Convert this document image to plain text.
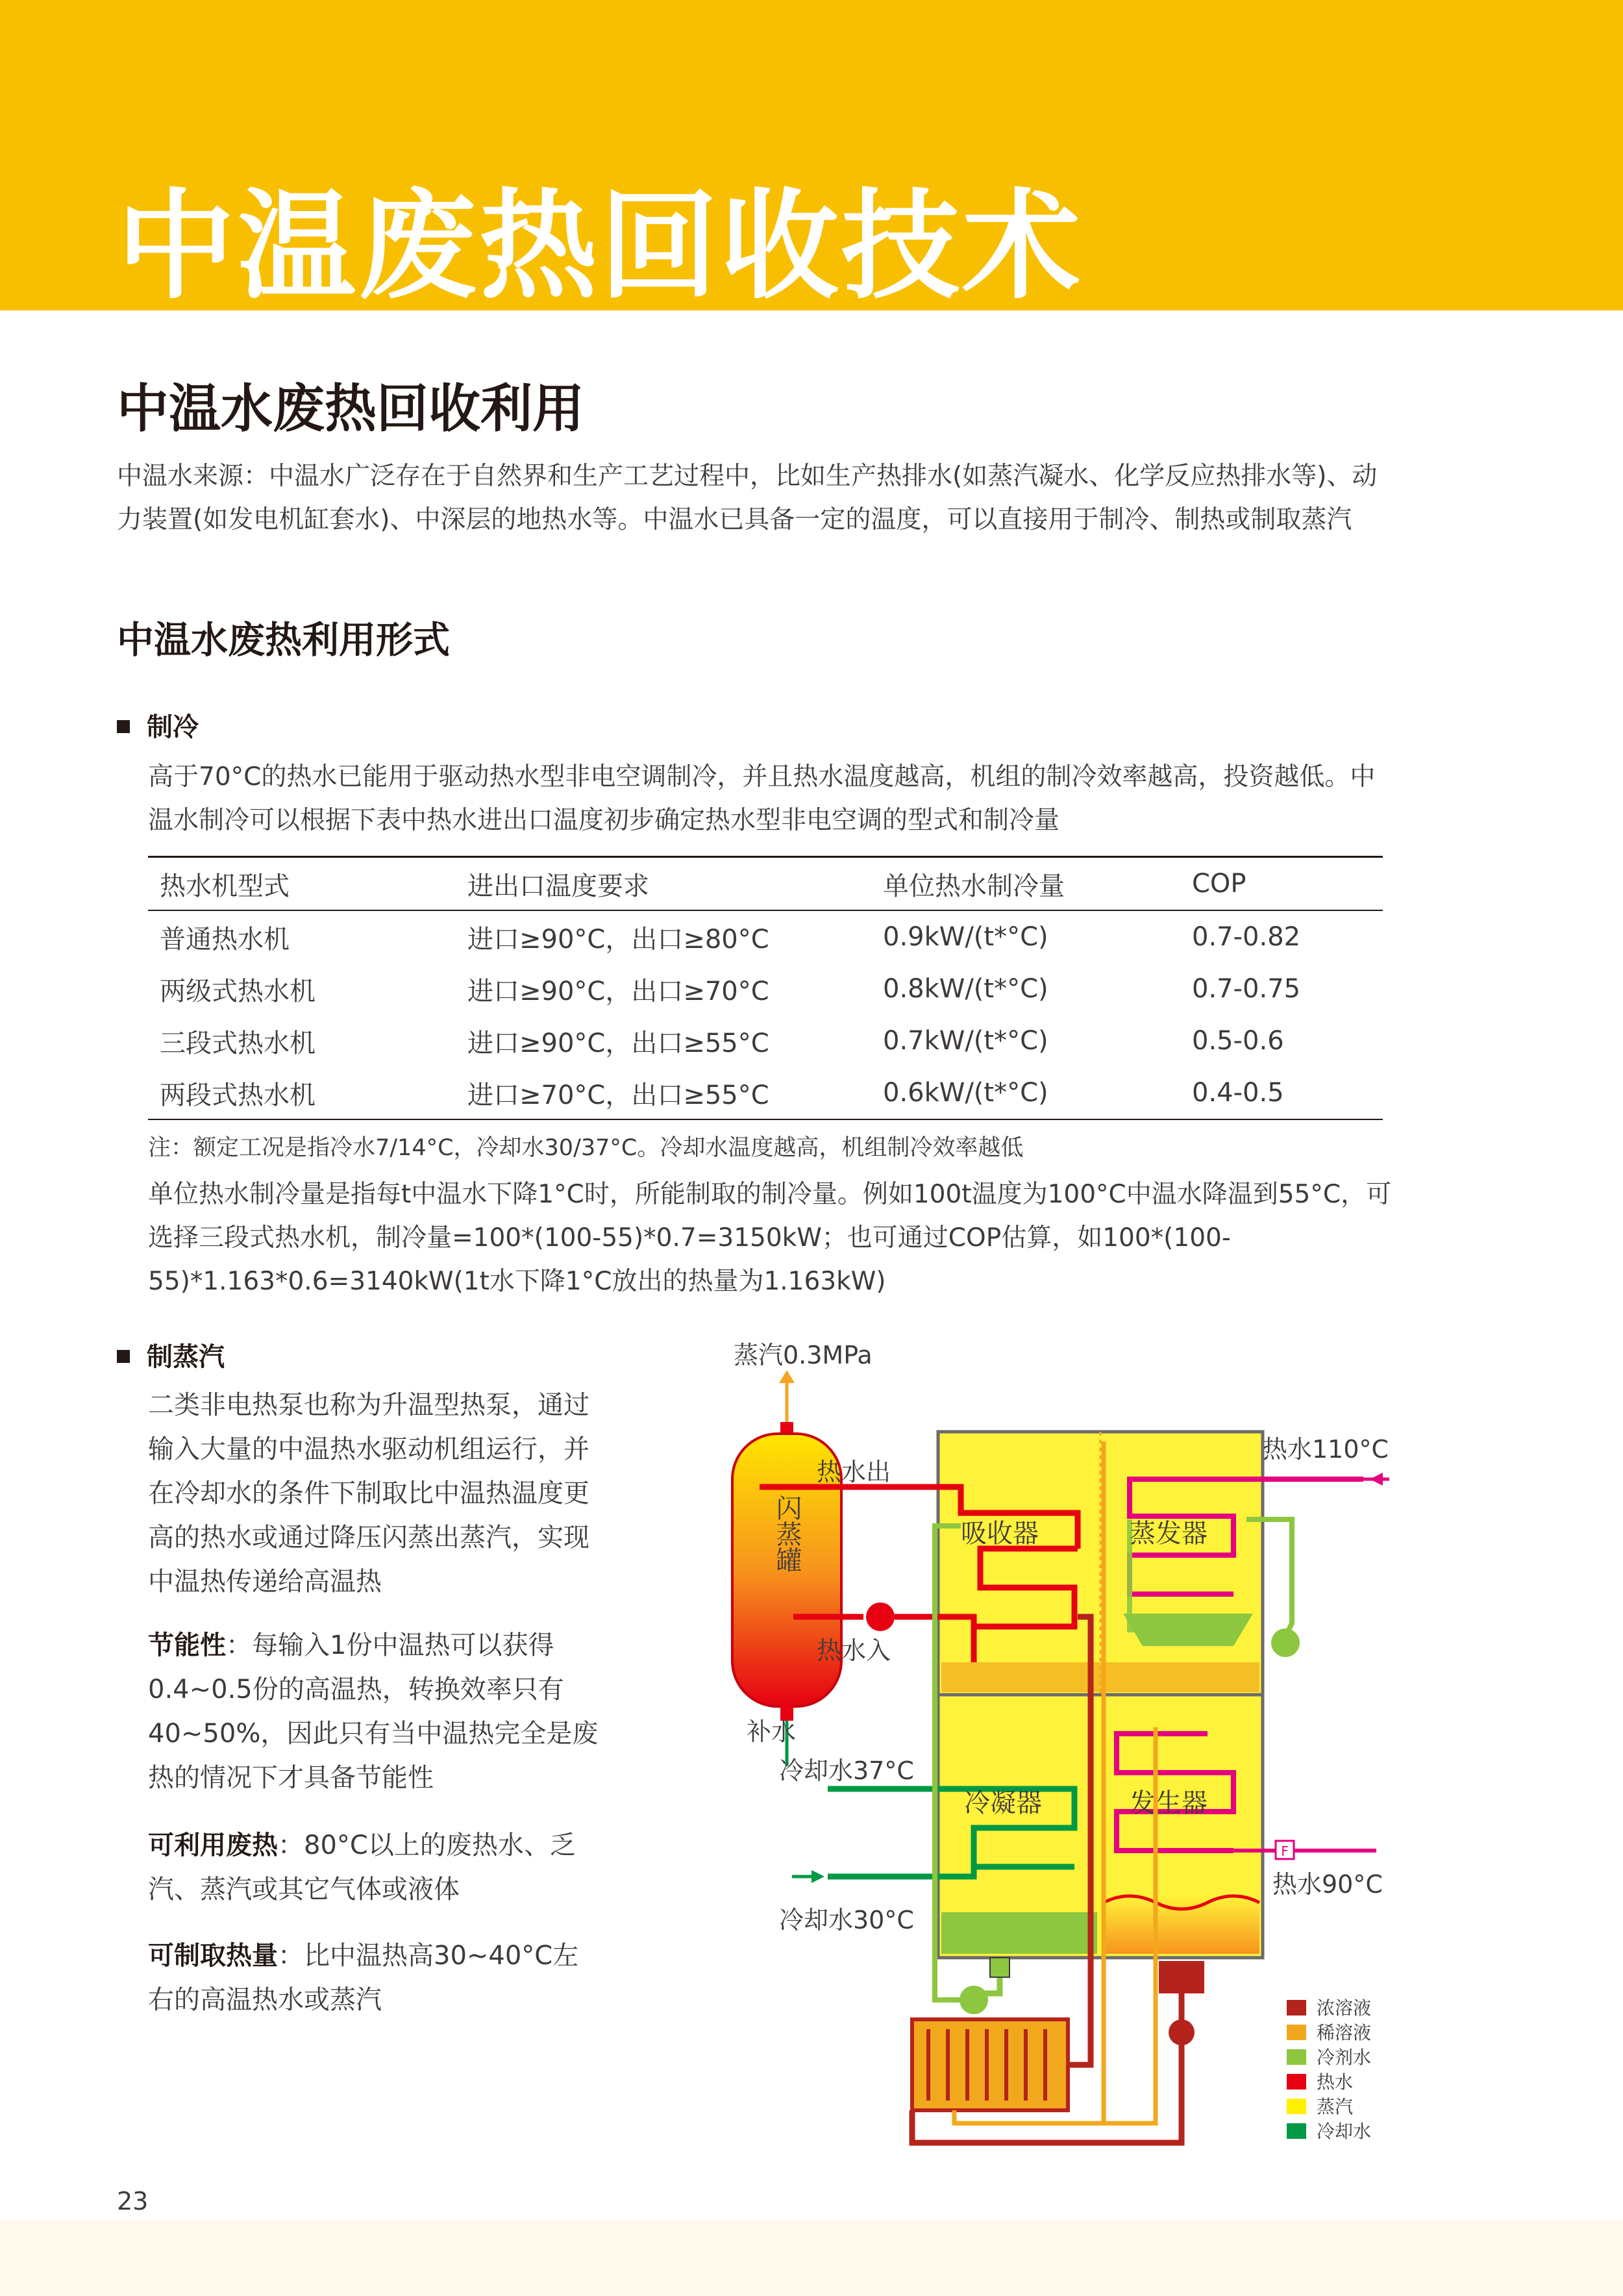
中温废热回收技术
中温水废热回收利用
中温水来源：中温水广泛存在于自然界和生产工艺过程中，比如生产热排水(如蒸汽凝水、化学反应热排水等)、动力装置(如发电机缸套水)、中深层的地热水等。中温水已具备一定的温度，可以直接用于制冷、制热或制取蒸汽
中温水废热利用形式
制冷
高于70°C的热水已能用于驱动热水型非电空调制冷，并且热水温度越高，机组的制冷效率越高，投资越低。中温水制冷可以根据下表中热水进出口温度初步确定热水型非电空调的型式和制冷量
热水机型式	进出口温度要求	单位热水制冷量	COP
普通热水机	进口≥90°C，出口≥80°C	0.9kW/(t*°C)	0.7-0.82
两级式热水机	进口≥90°C，出口≥70°C	0.8kW/(t*°C)	0.7-0.75
三段式热水机	进口≥90°C，出口≥55°C	0.7kW/(t*°C)	0.5-0.6
两段式热水机	进口≥70°C，出口≥55°C	0.6kW/(t*°C)	0.4-0.5
注：额定工况是指冷水7/14°C，冷却水30/37°C。冷却水温度越高，机组制冷效率越低
单位热水制冷量是指每t中温水下降1°C时，所能制取的制冷量。例如100t温度为100°C中温水降温到55°C，可选择三段式热水机，制冷量=100*(100-55)*0.7=3150kW；也可通过COP估算，如100*(100-55)*1.163*0.6=3140kW(1t水下降1°C放出的热量为1.163kW)
制蒸汽
二类非电热泵也称为升温型热泵，通过输入大量的中温热水驱动机组运行，并在冷却水的条件下制取比中温热温度更高的热水或通过降压闪蒸出蒸汽，实现中温热传递给高温热
节能性：每输入1份中温热可以获得0.4~0.5份的高温热，转换效率只有40~50%，因此只有当中温热完全是废热的情况下才具备节能性
可利用废热：80°C以上的废热水、乏汽、蒸汽或其它气体或液体
可制取热量：比中温热高30~40°C左右的高温热水或蒸汽
蒸汽0.3MPa
闪蒸罐
补水
热水出
热水入
热水110°C
冷却水37°C
冷却水30°C
F
热水90°C
吸收器	蒸发器
冷凝器	发生器
浓溶液
稀溶液
冷剂水
热水
蒸汽
冷却水
23
